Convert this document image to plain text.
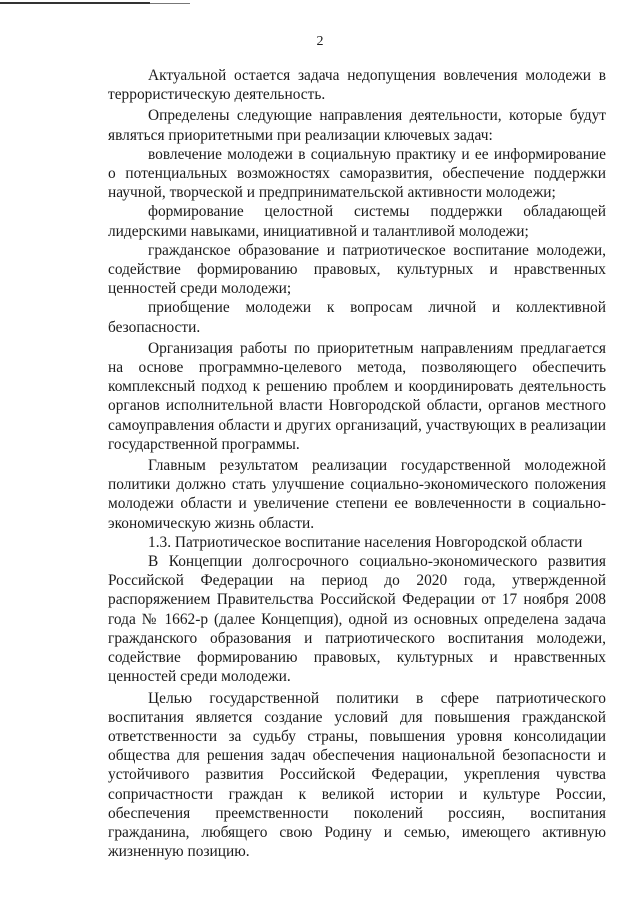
2

Актуальной остается задача недопущения вовлечения молодежи в террористическую деятельность.

Определены следующие направления деятельности, которые будут являться приоритетными при реализации ключевых задач:

вовлечение молодежи в социальную практику и ее информирование о потенциальных возможностях саморазвития, обеспечение поддержки научной, творческой и предпринимательской активности молодежи;

формирование целостной системы поддержки обладающей лидерскими навыками, инициативной и талантливой молодежи;

гражданское образование и патриотическое воспитание молодежи, содействие формированию правовых, культурных и нравственных ценностей среди молодежи;

приобщение молодежи к вопросам личной и коллективной безопасности.

Организация работы по приоритетным направлениям предлагается на основе программно-целевого метода, позволяющего обеспечить комплексный подход к решению проблем и координировать деятельность органов исполнительной власти Новгородской области, органов местного самоуправления области и других организаций, участвующих в реализации государственной программы.

Главным результатом реализации государственной молодежной политики должно стать улучшение социально-экономического положения молодежи области и увеличение степени ее вовлеченности в социально-экономическую жизнь области.

1.3. Патриотическое воспитание населения Новгородской области

В Концепции долгосрочного социально-экономического развития Российской Федерации на период до 2020 года, утвержденной распоряжением Правительства Российской Федерации от 17 ноября 2008 года № 1662-р (далее Концепция), одной из основных определена задача гражданского образования и патриотического воспитания молодежи, содействие формированию правовых, культурных и нравственных ценностей среди молодежи.

Целью государственной политики в сфере патриотического воспитания является создание условий для повышения гражданской ответственности за судьбу страны, повышения уровня консолидации общества для решения задач обеспечения национальной безопасности и устойчивого развития Российской Федерации, укрепления чувства сопричастности граждан к великой истории и культуре России, обеспечения преемственности поколений россиян, воспитания гражданина, любящего свою Родину и семью, имеющего активную жизненную позицию.
